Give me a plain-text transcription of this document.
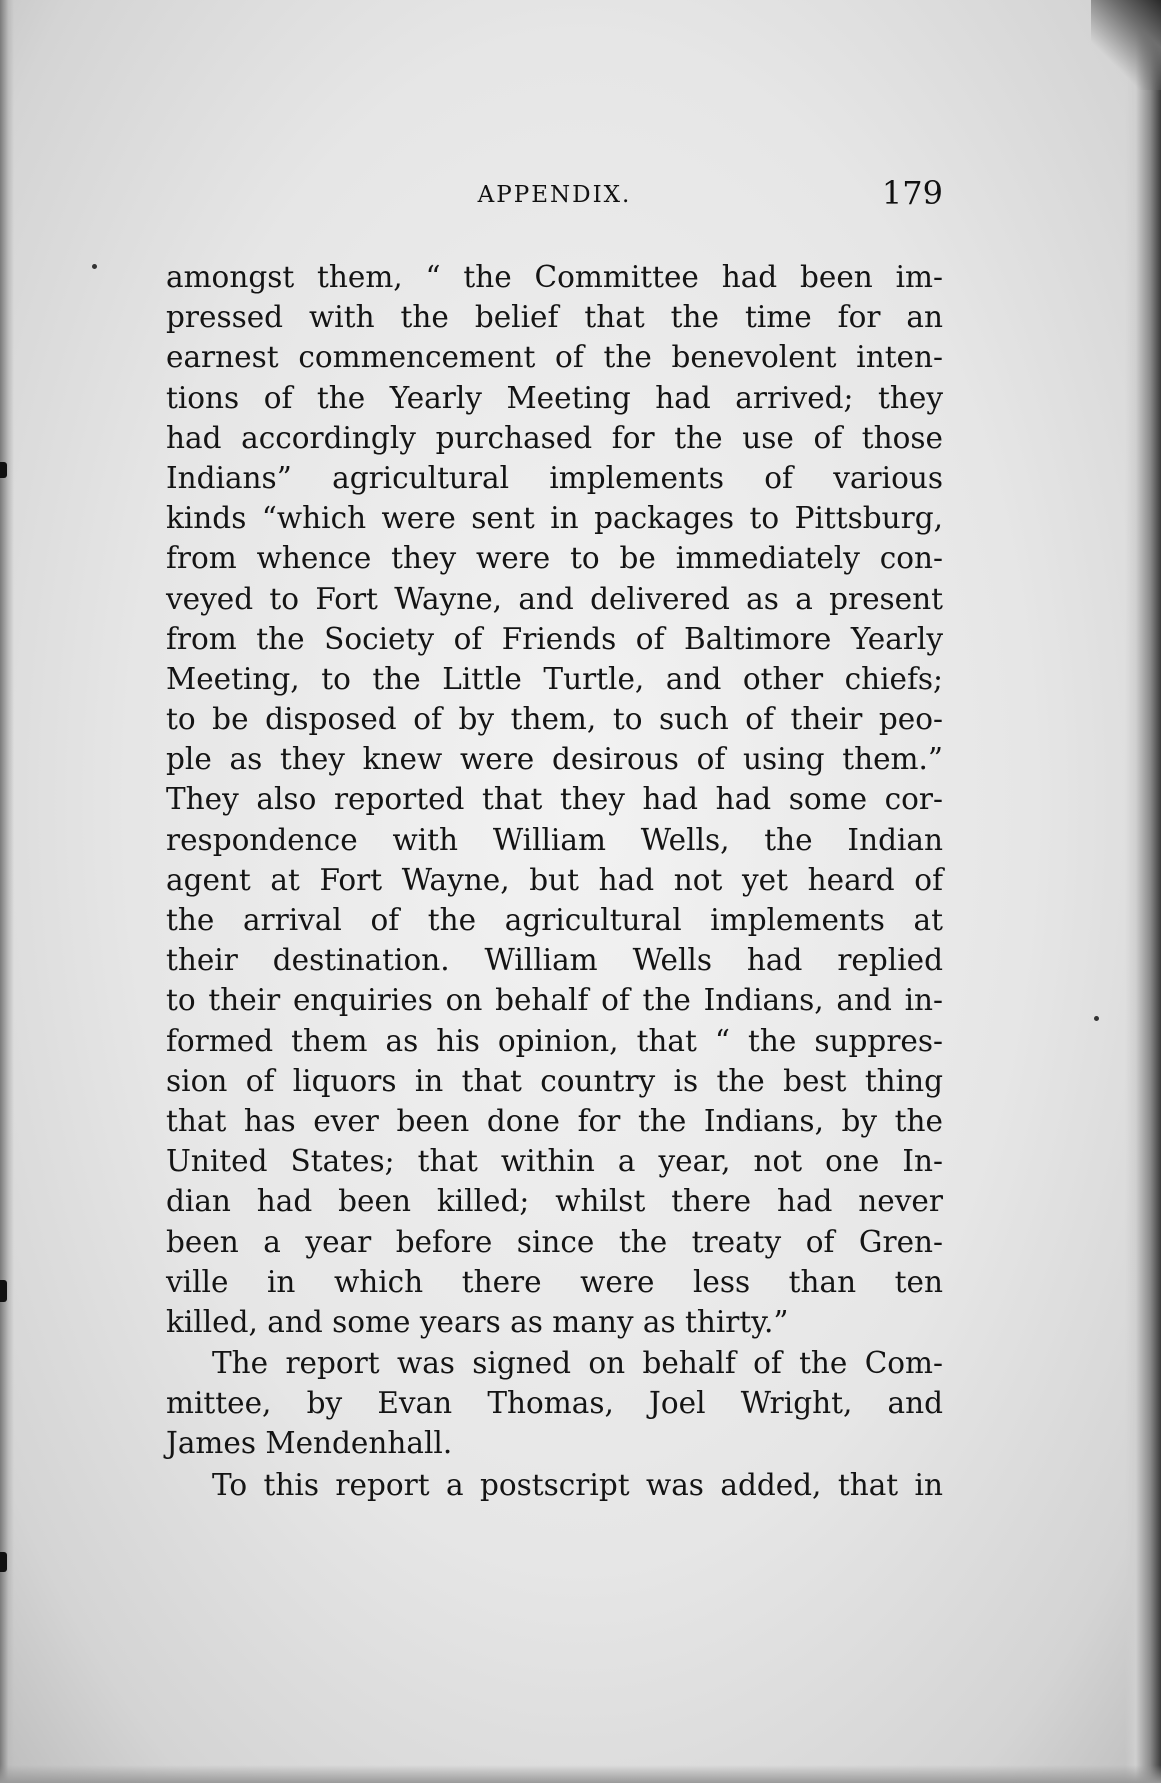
APPENDIX.	179
amongst them, “ the Committee had been im-
pressed with the belief that the time for an
earnest commencement of the benevolent inten-
tions of the Yearly Meeting had arrived; they
had accordingly purchased for the use of those
Indians” agricultural implements of various
kinds “which were sent in packages to Pittsburg,
from whence they were to be immediately con-
veyed to Fort Wayne, and delivered as a present
from the Society of Friends of Baltimore Yearly
Meeting, to the Little Turtle, and other chiefs;
to be disposed of by them, to such of their peo-
ple as they knew were desirous of using them.”
They also reported that they had had some cor-
respondence with William Wells, the Indian
agent at Fort Wayne, but had not yet heard of
the arrival of the agricultural implements at
their destination. William Wells had replied
to their enquiries on behalf of the Indians, and in-
formed them as his opinion, that “ the suppres-
sion of liquors in that country is the best thing
that has ever been done for the Indians, by the
United States; that within a year, not one In-
dian had been killed; whilst there had never
been a year before since the treaty of Gren-
ville in which there were less than ten
killed, and some years as many as thirty.”
The report was signed on behalf of the Com-
mittee, by Evan Thomas, Joel Wright, and
James Mendenhall.
To this report a postscript was added, that in
